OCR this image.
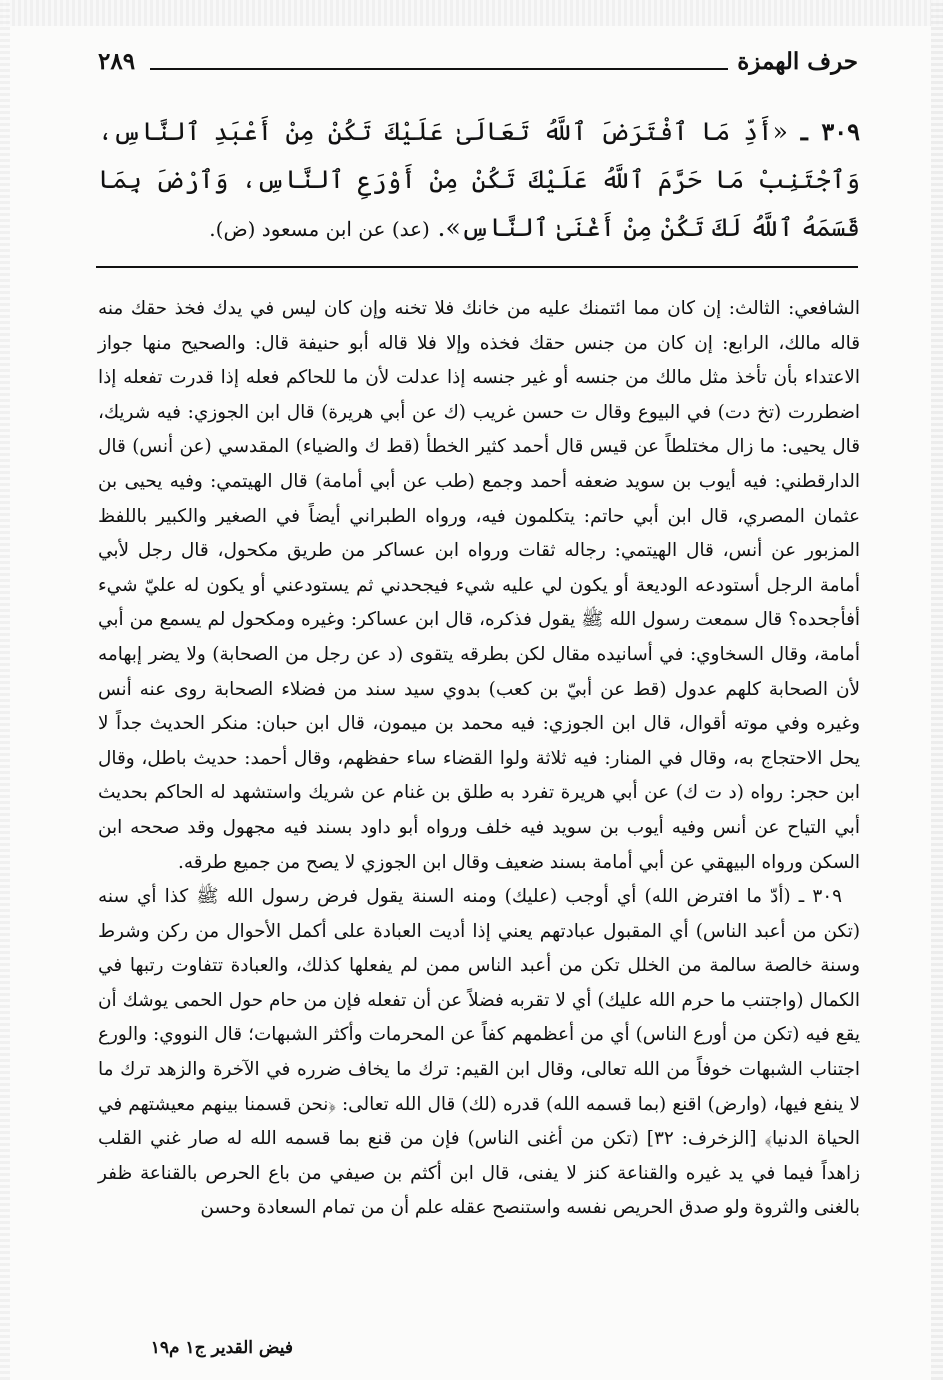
٢٨٩	حرف الهمزة
٣٠٩ ـ «أَدِّ مَا ٱفْتَرَضَ ٱللَّهُ تَعَالَىٰ عَلَيْكَ تَكُنْ مِنْ أَعْبَدِ ٱلنَّاسِ، وَٱجْتَنِبْ مَا حَرَّمَ ٱللَّهُ عَلَيْكَ تَكُنْ مِنْ أَوْرَعِ ٱلنَّاسِ، وَٱرْضَ بِمَا قَسَمَهُ ٱللَّهُ لَكَ تَكُنْ مِنْ أَغْنَىٰ ٱلنَّاسِ». (عد) عن ابن مسعود (ض).

الشافعي: الثالث: إن كان مما ائتمنك عليه من خانك فلا تخنه وإن كان ليس في يدك فخذ حقك منه قاله مالك، الرابع: إن كان من جنس حقك فخذه وإلا فلا قاله أبو حنيفة قال: والصحيح منها جواز الاعتداء بأن تأخذ مثل مالك من جنسه أو غير جنسه إذا عدلت لأن ما للحاكم فعله إذا قدرت تفعله إذا اضطررت (تخ دت) في البيوع وقال ت حسن غريب (ك عن أبي هريرة) قال ابن الجوزي: فيه شريك، قال يحيى: ما زال مختلطاً عن قيس قال أحمد كثير الخطأ (قط ك والضياء) المقدسي (عن أنس) قال الدارقطني: فيه أيوب بن سويد ضعفه أحمد وجمع (طب عن أبي أمامة) قال الهيتمي: وفيه يحيى بن عثمان المصري، قال ابن أبي حاتم: يتكلمون فيه، ورواه الطبراني أيضاً في الصغير والكبير باللفظ المزبور عن أنس، قال الهيتمي: رجاله ثقات ورواه ابن عساكر من طريق مكحول، قال رجل لأبي أمامة الرجل أستودعه الوديعة أو يكون لي عليه شيء فيجحدني ثم يستودعني أو يكون له عليّ شيء أفأجحده؟ قال سمعت رسول الله ﷺ يقول فذكره، قال ابن عساكر: وغيره ومكحول لم يسمع من أبي أمامة، وقال السخاوي: في أسانيده مقال لكن بطرقه يتقوى (د عن رجل من الصحابة) ولا يضر إبهامه لأن الصحابة كلهم عدول (قط عن أبيّ بن كعب) بدوي سيد سند من فضلاء الصحابة روى عنه أنس وغيره وفي موته أقوال، قال ابن الجوزي: فيه محمد بن ميمون، قال ابن حبان: منكر الحديث جداً لا يحل الاحتجاج به، وقال في المنار: فيه ثلاثة ولوا القضاء ساء حفظهم، وقال أحمد: حديث باطل، وقال ابن حجر: رواه (د ت ك) عن أبي هريرة تفرد به طلق بن غنام عن شريك واستشهد له الحاكم بحديث أبي التياح عن أنس وفيه أيوب بن سويد فيه خلف ورواه أبو داود بسند فيه مجهول وقد صححه ابن السكن ورواه البيهقي عن أبي أمامة بسند ضعيف وقال ابن الجوزي لا يصح من جميع طرقه.

٣٠٩ ـ (أدّ ما افترض الله) أي أوجب (عليك) ومنه السنة يقول فرض رسول الله ﷺ كذا أي سنه (تكن من أعبد الناس) أي المقبول عبادتهم يعني إذا أديت العبادة على أكمل الأحوال من ركن وشرط وسنة خالصة سالمة من الخلل تكن من أعبد الناس ممن لم يفعلها كذلك، والعبادة تتفاوت رتبها في الكمال (واجتنب ما حرم الله عليك) أي لا تقربه فضلاً عن أن تفعله فإن من حام حول الحمى يوشك أن يقع فيه (تكن من أورع الناس) أي من أعظمهم كفاً عن المحرمات وأكثر الشبهات؛ قال النووي: والورع اجتناب الشبهات خوفاً من الله تعالى، وقال ابن القيم: ترك ما يخاف ضرره في الآخرة والزهد ترك ما لا ينفع فيها، (وارض) اقنع (بما قسمه الله) قدره (لك) قال الله تعالى: ﴿نحن قسمنا بينهم معيشتهم في الحياة الدنيا﴾ [الزخرف: ٣٢] (تكن من أغنى الناس) فإن من قنع بما قسمه الله له صار غني القلب زاهداً فيما في يد غيره والقناعة كنز لا يفنى، قال ابن أكثم بن صيفي من باع الحرص بالقناعة ظفر بالغنى والثروة ولو صدق الحريص نفسه واستنصح عقله علم أن من تمام السعادة وحسن

فيض القدير ج١ م١٩
